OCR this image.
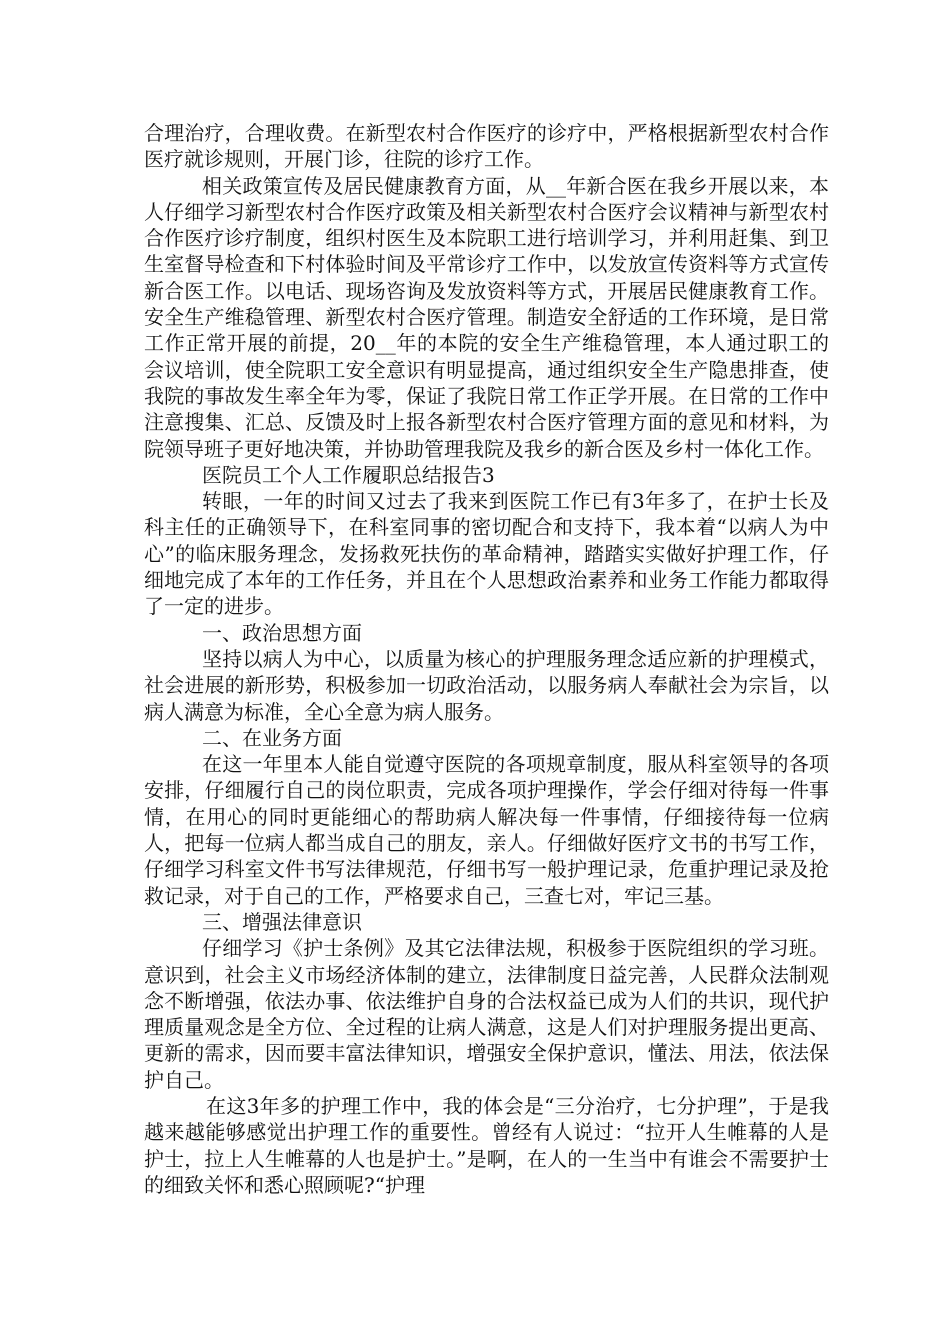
合理治疗，合理收费。在新型农村合作医疗的诊疗中，严格根据新型农村合作医疗就诊规则，开展门诊，往院的诊疗工作。

相关政策宣传及居民健康教育方面，从__年新合医在我乡开展以来，本人仔细学习新型农村合作医疗政策及相关新型农村合医疗会议精神与新型农村合作医疗诊疗制度，组织村医生及本院职工进行培训学习，并利用赶集、到卫生室督导检查和下村体验时间及平常诊疗工作中，以发放宣传资料等方式宣传新合医工作。以电话、现场咨询及发放资料等方式，开展居民健康教育工作。安全生产维稳管理、新型农村合医疗管理。制造安全舒适的工作环境，是日常工作正常开展的前提，20__年的本院的安全生产维稳管理，本人通过职工的会议培训，使全院职工安全意识有明显提高，通过组织安全生产隐患排查，使我院的事故发生率全年为零，保证了我院日常工作正学开展。在日常的工作中注意搜集、汇总、反馈及时上报各新型农村合医疗管理方面的意见和材料，为院领导班子更好地决策，并协助管理我院及我乡的新合医及乡村一体化工作。

医院员工个人工作履职总结报告3

转眼，一年的时间又过去了我来到医院工作已有3年多了，在护士长及科主任的正确领导下，在科室同事的密切配合和支持下，我本着“以病人为中心”的临床服务理念，发扬救死扶伤的革命精神，踏踏实实做好护理工作，仔细地完成了本年的工作任务，并且在个人思想政治素养和业务工作能力都取得了一定的进步。

一、政治思想方面

坚持以病人为中心，以质量为核心的护理服务理念适应新的护理模式，社会进展的新形势，积极参加一切政治活动，以服务病人奉献社会为宗旨，以病人满意为标准，全心全意为病人服务。

二、在业务方面

在这一年里本人能自觉遵守医院的各项规章制度，服从科室领导的各项安排，仔细履行自己的岗位职责，完成各项护理操作，学会仔细对待每一件事情，在用心的同时更能细心的帮助病人解决每一件事情，仔细接待每一位病人，把每一位病人都当成自己的朋友，亲人。仔细做好医疗文书的书写工作，仔细学习科室文件书写法律规范，仔细书写一般护理记录，危重护理记录及抢救记录，对于自己的工作，严格要求自己，三查七对，牢记三基。

三、增强法律意识

仔细学习《护士条例》及其它法律法规，积极参于医院组织的学习班。意识到，社会主义市场经济体制的建立，法律制度日益完善，人民群众法制观念不断增强，依法办事、依法维护自身的合法权益已成为人们的共识，现代护理质量观念是全方位、全过程的让病人满意，这是人们对护理服务提出更高、更新的需求，因而要丰富法律知识，增强安全保护意识，懂法、用法，依法保护自己。

在这3年多的护理工作中，我的体会是“三分治疗，七分护理”，于是我越来越能够感觉出护理工作的重要性。曾经有人说过：“拉开人生帷幕的人是护士，拉上人生帷幕的人也是护士。”是啊，在人的一生当中有谁会不需要护士的细致关怀和悉心照顾呢?“护理
